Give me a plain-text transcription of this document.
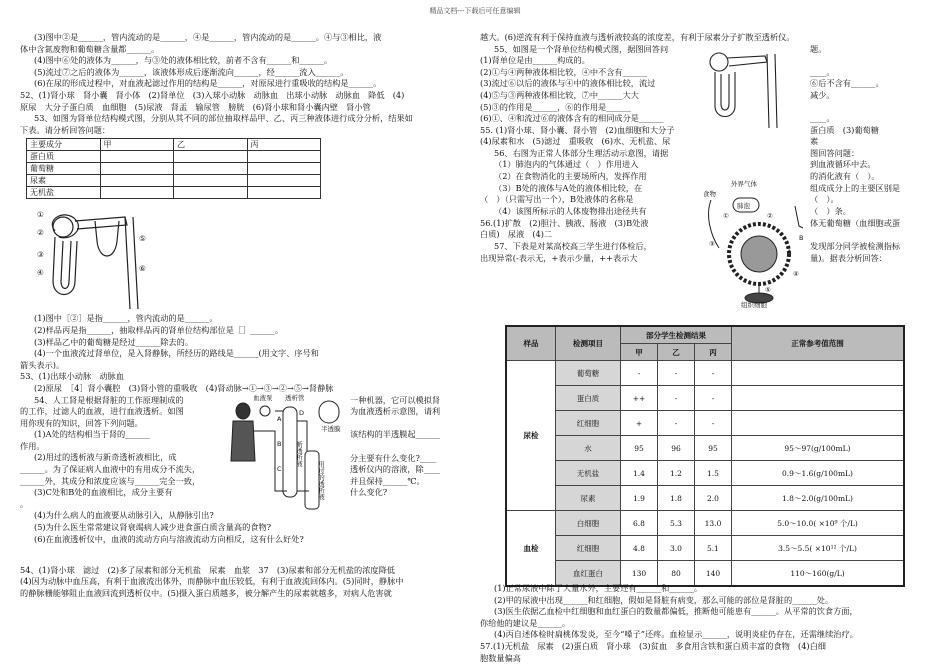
精品文档---下载后可任意编辑
(3)图中②是______，管内流动的是______，④是______，管内流动的是______。④与③相比，液
体中含氮废物和葡萄糖含量都______。
(4)图中⑥处的液体为______，与③处的液体相比较，前者不含有______和______。
(5)流过⑦之后的液体为______，该液体形成后逐渐流向______，经______流入______。
(6)在尿的形成过程中，对血液起滤过作用的结构是______，对原尿进行重吸收的结构是______。
52、(1)肾小球　肾小囊　肾小体　(2)肾单位　(3)入球小动脉　动脉血　出球小动脉　动脉血　降低　(4)
原尿　大分子蛋白质　血细胞　(5)尿液　肾盂　输尿管　膀胱　(6)肾小球和肾小囊内壁　肾小管
53、如图为肾单位结构模式图，分别从其不同的部位抽取样品甲、乙、丙三种液体进行成分分析，结果如
下表。请分析回答问题：
主要成分	甲	乙	丙
蛋白质			
葡萄糖			
尿素			
无机盐			
①
②
③
④
⑤
⑥
(1)图中［②］是指______，管内流动的是______。
(2)样品丙是指______，抽取样品丙的肾单位结构部位是［］______。
(3)样品乙中的葡萄糖是经过______除去的。
(4)一个血液流过肾单位，是入肾静脉，所经历的路线是______(用文字、序号和
箭头表示)。
53、(1)出球小动脉　动脉血
(2)原尿　［4］肾小囊腔　(3)肾小管的重吸收　(4)肾动脉→①→③→②→⑤→肾静脉
54、人工肾是根据肾脏的工作原理制成的
的工作，过滤人的血液，进行血液透析。如图
用你现有的知识，回答下列问题。
(1)A处的结构相当于肾的______
作用。
(2)用过的透析液与新奇透析液相比，成
______。为了保证病人血液中的有用成分不流失，
______外，其成分和浓度应该与______完全一致，
(3)C处和B处的血液相比，成分主要有
。
(4)为什么病人的血液要从动脉引入，从静脉引出?
(5)为什么医生常常建议肾衰竭病人减少进食蛋白质含量高的食物?
(6)在血液透析仪中，血液的流动方向与溶液流动方向相反，这有什么好处?
一种机器，它可以模拟肾
为血液透析示意图，请利
该结构的半透膜起______
分主要有什么变化?____
透析仪内的溶液，除____
并且保持______℃。
什么变化?
血液泵 透析管
半透膜
新透析液
用过的透析液
A
B
C
D
54、(1)肾小球　滤过　(2)多了尿素和部分无机盐　尿素　血浆　37　(3)尿素和部分无机盐的浓度降低
(4)因为动脉中血压高，有利于血液流出体外，而静脉中血压较低，有利于血液流回体内。(5)同时，静脉中
的静脉栅能够阻止血液回流到透析仪中。(5)摄入蛋白质越多，被分解产生的尿素就越多，对病人危害就
越大。(6)逆流有利于保持血液与透析液较高的浓度差，有利于尿素分子扩散至透析仪。
55、如图是一个肾单位结构模式图，据图回答问
(1)肾单位是由______构成的。
(2)①与④两种液体相比较，④中不含有______
(3)流过⑥以后的液体与④中的液体相比较，流过
(4)⑤与③两种液体相比较，⑦中______大大
(5)③的作用是______，⑥的作用是______
(6)①、④和流过⑥的液体含有的相同成分是______
题。
____。
⑥后不含有______。
减少。
____。
55. (1)肾小球、肾小囊、肾小管　(2)血细胞和大分子
(4)尿素和水　(5)滤过　重吸收　(6)水、无机盐、尿
蛋白质　(3)葡萄糖
素
56、右图为正常人体部分生理活动示意图，请据
（1）肺泡内的气体通过（　）作用进入
（2）在食物消化的主要场所内，发挥作用
（3）B处的液体与A处的液体相比较，在
（　）（只需写出一个），B处液体的名称是
（4）该图所标示的人体废物排出途径共有
图回答问题：
到血液循环中去。
的消化液有（　）。
组成成分上的主要区别是
（　）。
（　）条。
56.(1)扩散　(2)胆汁、胰液、肠液　(3)B处液
白质)　尿液　(4)二
体无葡萄糖（血细胞或蛋
57、下表是对某高校高三学生进行体检后，
出现异常(-表示无，+表示少量，++表示大
发现部分同学被检测指标
量)。据表分析回答：
外界气体
食物
肺泡
A
B
组织细胞
①	②
③
④
⑤
样品	检测项目	部分学生检测结果			正常参考值范围
		甲	乙	丙	
尿检	葡萄糖	-	-	-	
	蛋白质	++	-	-	
	红细胞	+	-	-	
	水	95	96	95	95～97(g/100mL)
	无机盐	1.4	1.2	1.5	0.9～1.6(g/100mL)
	尿素	1.9	1.8	2.0	1.8～2.0(g/100mL)
血检	白细胞	6.8	5.3	13.0	5.0～10.0( ×10⁹ 个/L)
	红细胞	4.8	3.0	5.1	3.5～5.5( ×10¹² 个/L)
	血红蛋白	130	80	140	110～160(g/L)
(1)正常尿液中除了大量水外，主要还有______和______。
(2)甲的尿液中出现______和红细胞，假如是肾脏有病变，那么可能的部位是肾脏的______处。
(3)医生依据乙血检中红细胞和血红蛋白的数量都偏低，推断他可能患有______。从平常的饮食方面，
你给他的建议是______。
(4)丙自述体检时扁桃体发炎，至今“嗓子”还疼。血检显示______，说明炎症仍存在，还需继续治疗。
57.(1)无机盐　尿素　(2)蛋白质　肾小球　(3)贫血　多食用含铁和蛋白质丰富的食物　(4)白细
胞数量偏高
